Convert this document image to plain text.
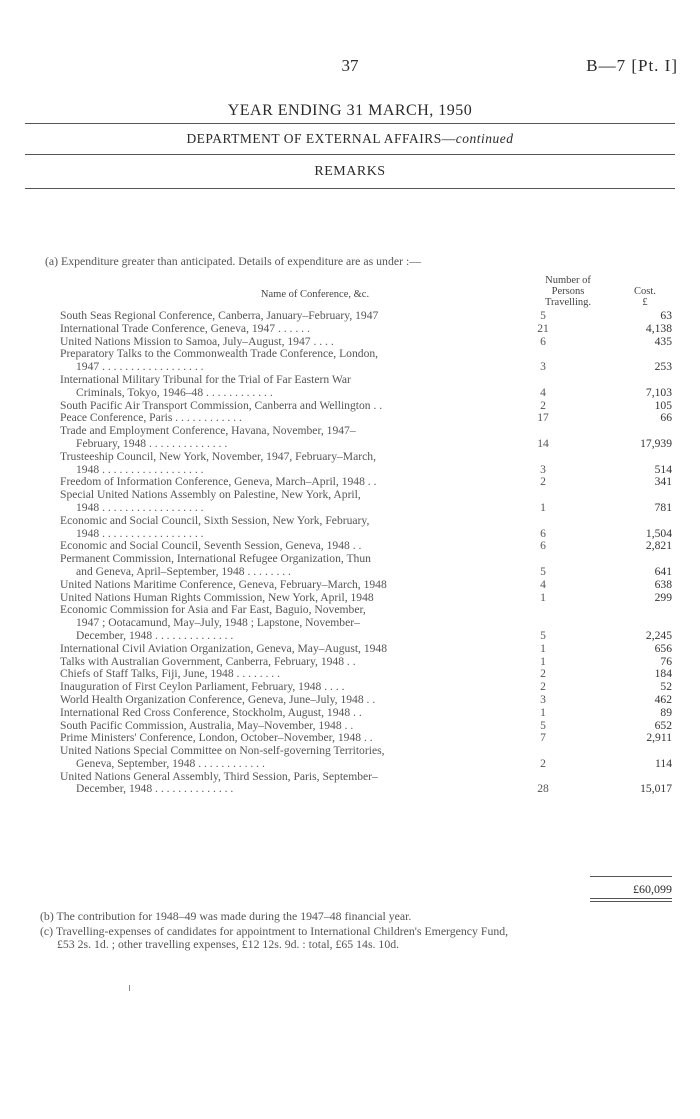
37	B—7 [Pt. I]
YEAR ENDING 31 MARCH, 1950
DEPARTMENT OF EXTERNAL AFFAIRS—continued
REMARKS
(a) Expenditure greater than anticipated. Details of expenditure are as under :—
Name of Conference, &c.
Number of Persons Travelling.
Cost.
£
South Seas Regional Conference, Canberra, January–February, 1947	5	63
International Trade Conference, Geneva, 1947 . . . . . .	21	4,138
United Nations Mission to Samoa, July–August, 1947 . . . .	6	435
Preparatory Talks to the Commonwealth Trade Conference, London,
1947 . . . . . . . . . . . . . . . . . .	3	253
International Military Tribunal for the Trial of Far Eastern War
Criminals, Tokyo, 1946–48 . . . . . . . . . . . .	4	7,103
South Pacific Air Transport Commission, Canberra and Wellington . .	2	105
Peace Conference, Paris . . . . . . . . . . . .	17	66
Trade and Employment Conference, Havana, November, 1947–
February, 1948 . . . . . . . . . . . . . .	14	17,939
Trusteeship Council, New York, November, 1947, February–March,
1948 . . . . . . . . . . . . . . . . . .	3	514
Freedom of Information Conference, Geneva, March–April, 1948 . .	2	341
Special United Nations Assembly on Palestine, New York, April,
1948 . . . . . . . . . . . . . . . . . .	1	781
Economic and Social Council, Sixth Session, New York, February,
1948 . . . . . . . . . . . . . . . . . .	6	1,504
Economic and Social Council, Seventh Session, Geneva, 1948 . .	6	2,821
Permanent Commission, International Refugee Organization, Thun
and Geneva, April–September, 1948 . . . . . . . .	5	641
United Nations Maritime Conference, Geneva, February–March, 1948	4	638
United Nations Human Rights Commission, New York, April, 1948	1	299
Economic Commission for Asia and Far East, Baguio, November,
1947 ; Ootacamund, May–July, 1948 ; Lapstone, November–
December, 1948 . . . . . . . . . . . . . .	5	2,245
International Civil Aviation Organization, Geneva, May–August, 1948	1	656
Talks with Australian Government, Canberra, February, 1948 . .	1	76
Chiefs of Staff Talks, Fiji, June, 1948 . . . . . . . .	2	184
Inauguration of First Ceylon Parliament, February, 1948 . . . .	2	52
World Health Organization Conference, Geneva, June–July, 1948 . .	3	462
International Red Cross Conference, Stockholm, August, 1948 . .	1	89
South Pacific Commission, Australia, May–November, 1948 . .	5	652
Prime Ministers' Conference, London, October–November, 1948 . .	7	2,911
United Nations Special Committee on Non-self-governing Territories,
Geneva, September, 1948 . . . . . . . . . . . .	2	114
United Nations General Assembly, Third Session, Paris, September–
December, 1948 . . . . . . . . . . . . . .	28	15,017
£60,099
(b) The contribution for 1948–49 was made during the 1947–48 financial year.
(c) Travelling-expenses of candidates for appointment to International Children's Emergency Fund,
£53 2s. 1d. ; other travelling expenses, £12 12s. 9d. : total, £65 14s. 10d.
